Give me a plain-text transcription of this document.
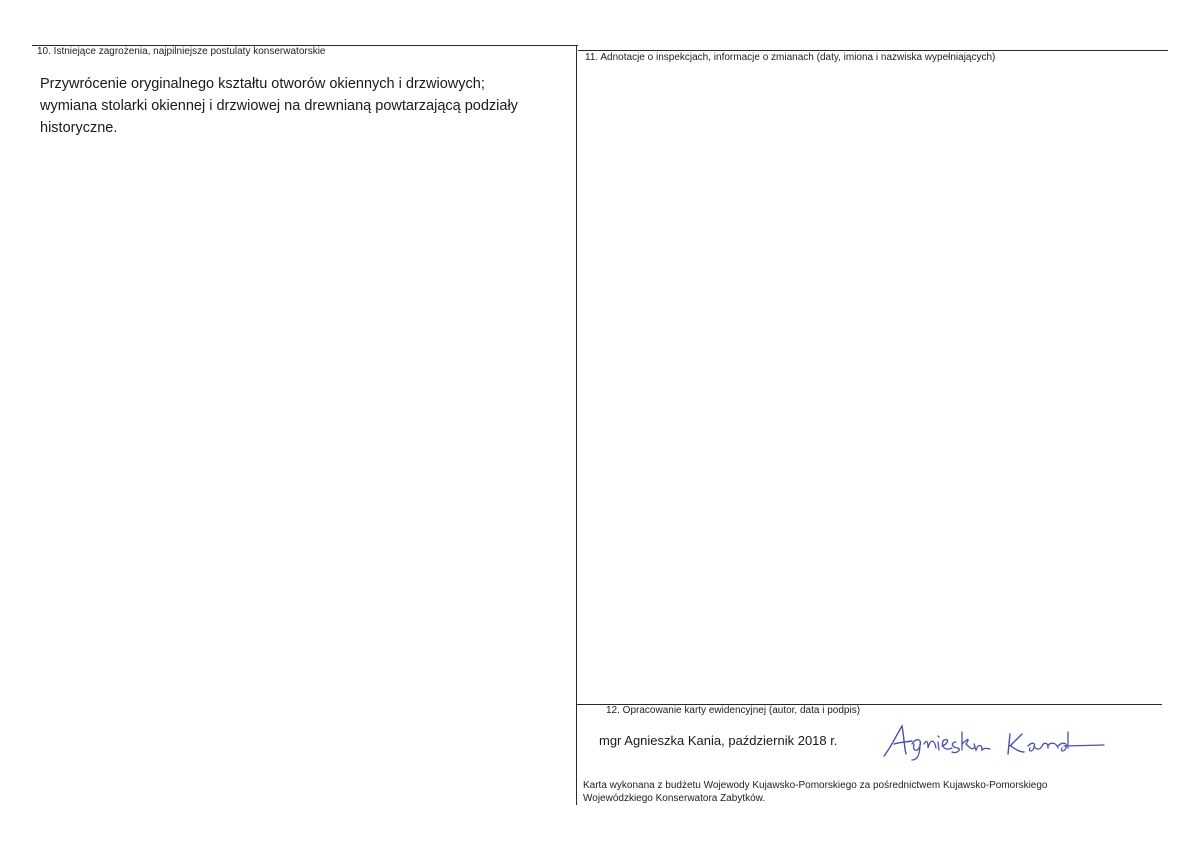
10. Istniejące zagrożenia, najpilniejsze postulaty konserwatorskie
Przywrócenie oryginalnego kształtu otworów okiennych i drzwiowych;
wymiana stolarki okiennej i drzwiowej na drewnianą powtarzającą podziały
historyczne.
11. Adnotacje o inspekcjach, informacje o zmianach (daty, imiona i nazwiska wypełniających)
12. Opracowanie karty ewidencyjnej (autor, data i podpis)
mgr Agnieszka Kania, październik 2018 r.
Karta wykonana z budżetu Wojewody Kujawsko-Pomorskiego za pośrednictwem Kujawsko-Pomorskiego
Wojewódzkiego Konserwatora Zabytków.
